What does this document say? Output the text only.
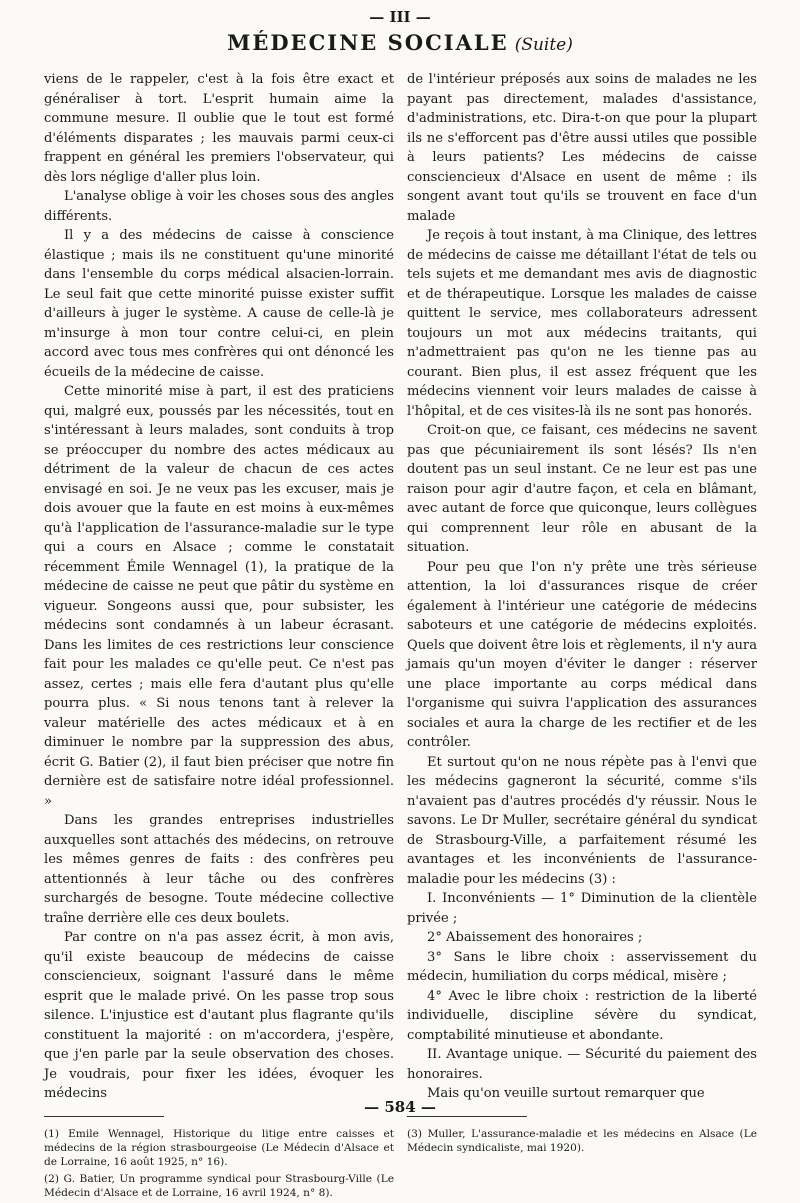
— III —
MÉDECINE SOCIALE (Suite)

viens de le rappeler, c'est à la fois être exact et généraliser à tort. L'esprit humain aime la commune mesure. Il oublie que le tout est formé d'éléments disparates ; les mauvais parmi ceux-ci frappent en général les premiers l'observateur, qui dès lors néglige d'aller plus loin.

L'analyse oblige à voir les choses sous des angles différents.

Il y a des médecins de caisse à conscience élastique ; mais ils ne constituent qu'une minorité dans l'ensemble du corps médical alsacien-lorrain. Le seul fait que cette minorité puisse exister suffit d'ailleurs à juger le système. A cause de celle-là je m'insurge à mon tour contre celui-ci, en plein accord avec tous mes confrères qui ont dénoncé les écueils de la médecine de caisse.

Cette minorité mise à part, il est des praticiens qui, malgré eux, poussés par les nécessités, tout en s'intéressant à leurs malades, sont conduits à trop se préoccuper du nombre des actes médicaux au détriment de la valeur de chacun de ces actes envisagé en soi. Je ne veux pas les excuser, mais je dois avouer que la faute en est moins à eux-mêmes qu'à l'application de l'assurance-maladie sur le type qui a cours en Alsace ; comme le constatait récemment Émile Wennagel (1), la pratique de la médecine de caisse ne peut que pâtir du système en vigueur. Songeons aussi que, pour subsister, les médecins sont condamnés à un labeur écrasant. Dans les limites de ces restrictions leur conscience fait pour les malades ce qu'elle peut. Ce n'est pas assez, certes ; mais elle fera d'autant plus qu'elle pourra plus. « Si nous tenons tant à relever la valeur matérielle des actes médicaux et à en diminuer le nombre par la suppression des abus, écrit G. Batier (2), il faut bien préciser que notre fin dernière est de satisfaire notre idéal professionnel. »

Dans les grandes entreprises industrielles auxquelles sont attachés des médecins, on retrouve les mêmes genres de faits : des confrères peu attentionnés à leur tâche ou des confrères surchargés de besogne. Toute médecine collective traîne derrière elle ces deux boulets.

Par contre on n'a pas assez écrit, à mon avis, qu'il existe beaucoup de médecins de caisse consciencieux, soignant l'assuré dans le même esprit que le malade privé. On les passe trop sous silence. L'injustice est d'autant plus flagrante qu'ils constituent la majorité : on m'accordera, j'espère, que j'en parle par la seule observation des choses. Je voudrais, pour fixer les idées, évoquer les médecins

(1) Emile Wennagel, Historique du litige entre caisses et médecins de la région strasbourgeoise (Le Médecin d'Alsace et de Lorraine, 16 août 1925, n° 16).

(2) G. Batier, Un programme syndical pour Strasbourg-Ville (Le Médecin d'Alsace et de Lorraine, 16 avril 1924, n° 8).

de l'intérieur préposés aux soins de malades ne les payant pas directement, malades d'assistance, d'administrations, etc. Dira-t-on que pour la plupart ils ne s'efforcent pas d'être aussi utiles que possible à leurs patients? Les médecins de caisse consciencieux d'Alsace en usent de même : ils songent avant tout qu'ils se trouvent en face d'un malade

Je reçois à tout instant, à ma Clinique, des lettres de médecins de caisse me détaillant l'état de tels ou tels sujets et me demandant mes avis de diagnostic et de thérapeutique. Lorsque les malades de caisse quittent le service, mes collaborateurs adressent toujours un mot aux médecins traitants, qui n'admettraient pas qu'on ne les tienne pas au courant. Bien plus, il est assez fréquent que les médecins viennent voir leurs malades de caisse à l'hôpital, et de ces visites-là ils ne sont pas honorés.

Croit-on que, ce faisant, ces médecins ne savent pas que pécuniairement ils sont lésés? Ils n'en doutent pas un seul instant. Ce ne leur est pas une raison pour agir d'autre façon, et cela en blâmant, avec autant de force que quiconque, leurs collègues qui comprennent leur rôle en abusant de la situation.

Pour peu que l'on n'y prête une très sérieuse attention, la loi d'assurances risque de créer également à l'intérieur une catégorie de médecins saboteurs et une catégorie de médecins exploités. Quels que doivent être lois et règlements, il n'y aura jamais qu'un moyen d'éviter le danger : réserver une place importante au corps médical dans l'organisme qui suivra l'application des assurances sociales et aura la charge de les rectifier et de les contrôler.

Et surtout qu'on ne nous répète pas à l'envi que les médecins gagneront la sécurité, comme s'ils n'avaient pas d'autres procédés d'y réussir. Nous le savons. Le Dr Muller, secrétaire général du syndicat de Strasbourg-Ville, a parfaitement résumé les avantages et les inconvénients de l'assurance-maladie pour les médecins (3) :

I. Inconvénients — 1° Diminution de la clientèle privée ;

2° Abaissement des honoraires ;

3° Sans le libre choix : asservissement du médecin, humiliation du corps médical, misère ;

4° Avec le libre choix : restriction de la liberté individuelle, discipline sévère du syndicat, comptabilité minutieuse et abondante.

II. Avantage unique. — Sécurité du paiement des honoraires.

Mais qu'on veuille surtout remarquer que

(3) Muller, L'assurance-maladie et les médecins en Alsace (Le Médecin syndicaliste, mai 1920).

— 584 —
